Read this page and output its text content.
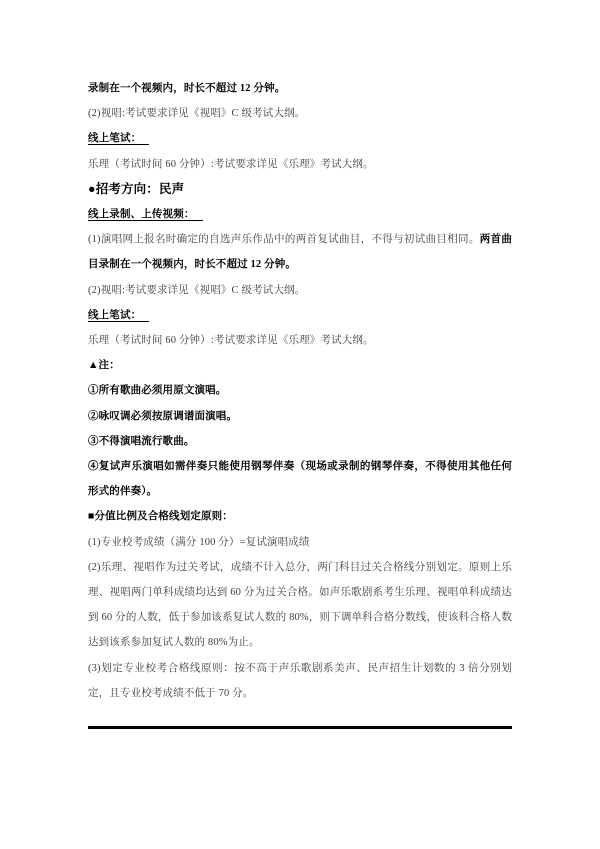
录制在一个视频内，时长不超过 12 分钟。

(2)视唱:考试要求详见《视唱》C 级考试大纲。

线上笔试：

乐理（考试时间 60 分钟）:考试要求详见《乐理》考试大纲。

●招考方向：民声

线上录制、上传视频：

(1)演唱网上报名时确定的自选声乐作品中的两首复试曲目，不得与初试曲目相同。两首曲目录制在一个视频内，时长不超过 12 分钟。

(2)视唱:考试要求详见《视唱》C 级考试大纲。

线上笔试：

乐理（考试时间 60 分钟）:考试要求详见《乐理》考试大纲。

▲注：

①所有歌曲必须用原文演唱。

②咏叹调必须按原调谱面演唱。

③不得演唱流行歌曲。

④复试声乐演唱如需伴奏只能使用钢琴伴奏（现场或录制的钢琴伴奏，不得使用其他任何形式的伴奏）。

■分值比例及合格线划定原则：

(1)专业校考成绩（满分 100 分）=复试演唱成绩

(2)乐理、视唱作为过关考试，成绩不计入总分，两门科目过关合格线分别划定。原则上乐理、视唱两门单科成绩均达到 60 分为过关合格。如声乐歌剧系考生乐理、视唱单科成绩达到 60 分的人数，低于参加该系复试人数的 80%，则下调单科合格分数线，使该科合格人数达到该系参加复试人数的 80%为止。

(3)划定专业校考合格线原则：按不高于声乐歌剧系美声、民声招生计划数的 3 倍分别划定，且专业校考成绩不低于 70 分。
